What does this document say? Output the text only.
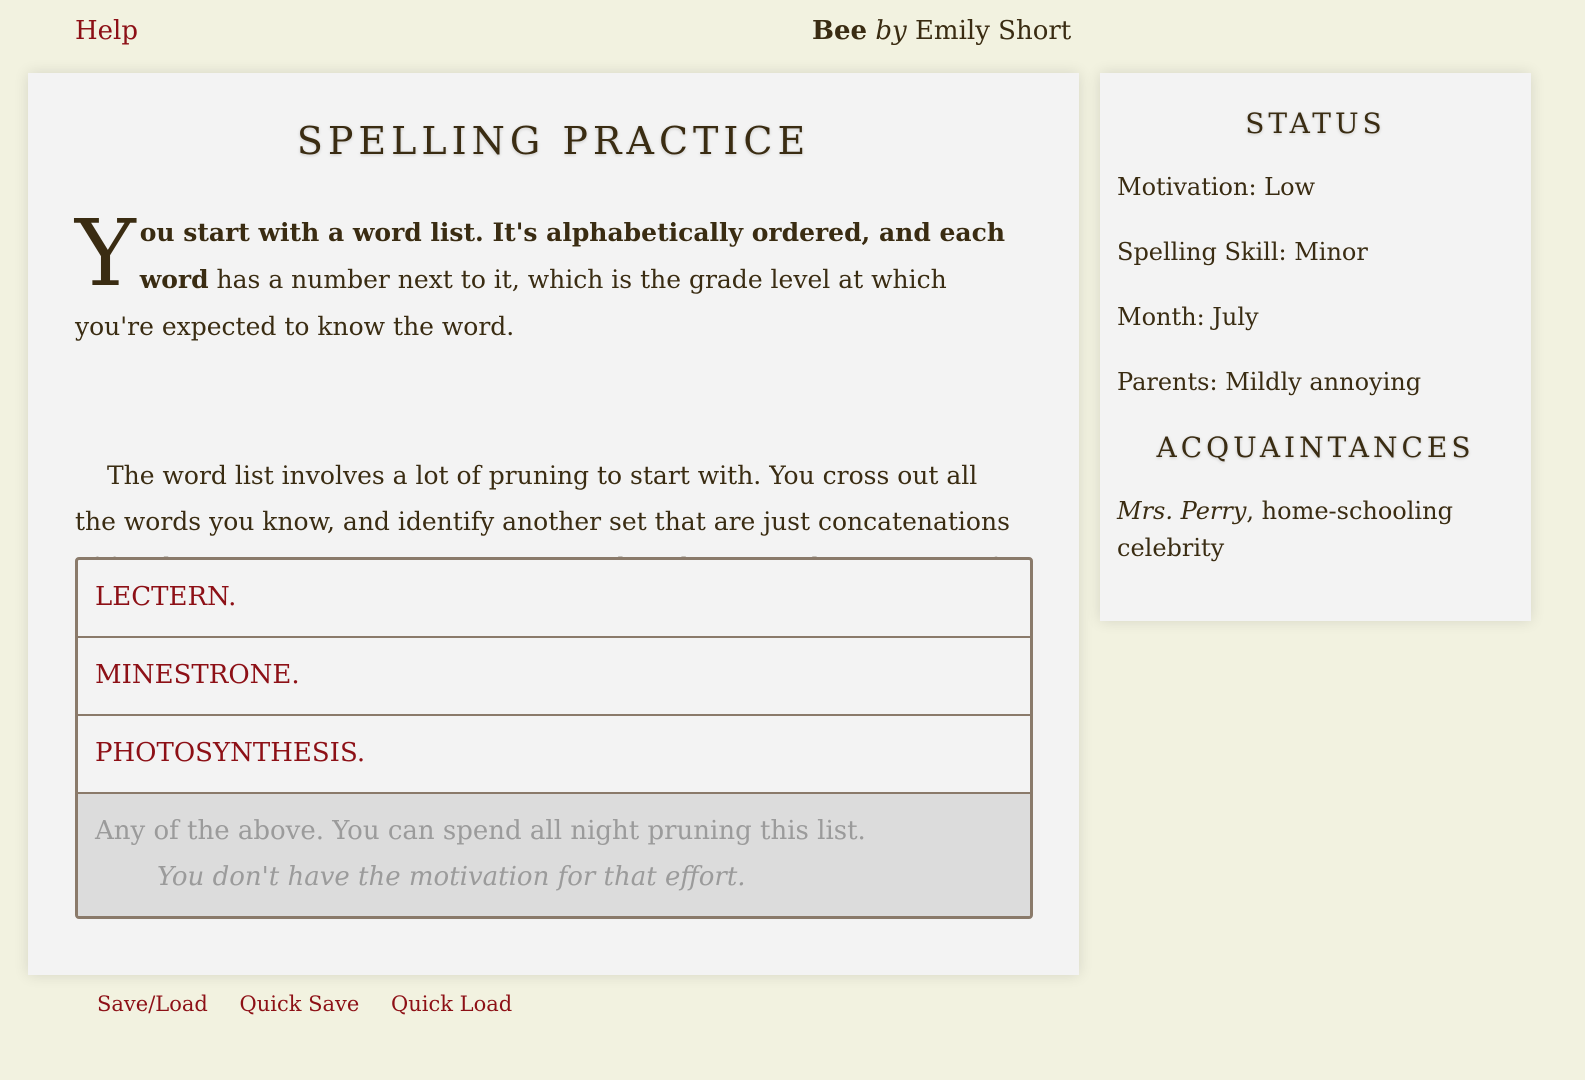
Help	Bee by Emily Short
SPELLING PRACTICE
You start with a word list. It's alphabetically ordered, and each word has a number next to it, which is the grade level at which you're expected to know the word.
The word list involves a lot of pruning to start with. You cross out all the words you know, and identify another set that are just concatenations
LECTERN.
MINESTRONE.
PHOTOSYNTHESIS.
Any of the above. You can spend all night pruning this list.
You don't have the motivation for that effort.
STATUS
Motivation: Low
Spelling Skill: Minor
Month: July
Parents: Mildly annoying
ACQUAINTANCES
Mrs. Perry, home-schooling celebrity
Save/Load Quick Save Quick Load
